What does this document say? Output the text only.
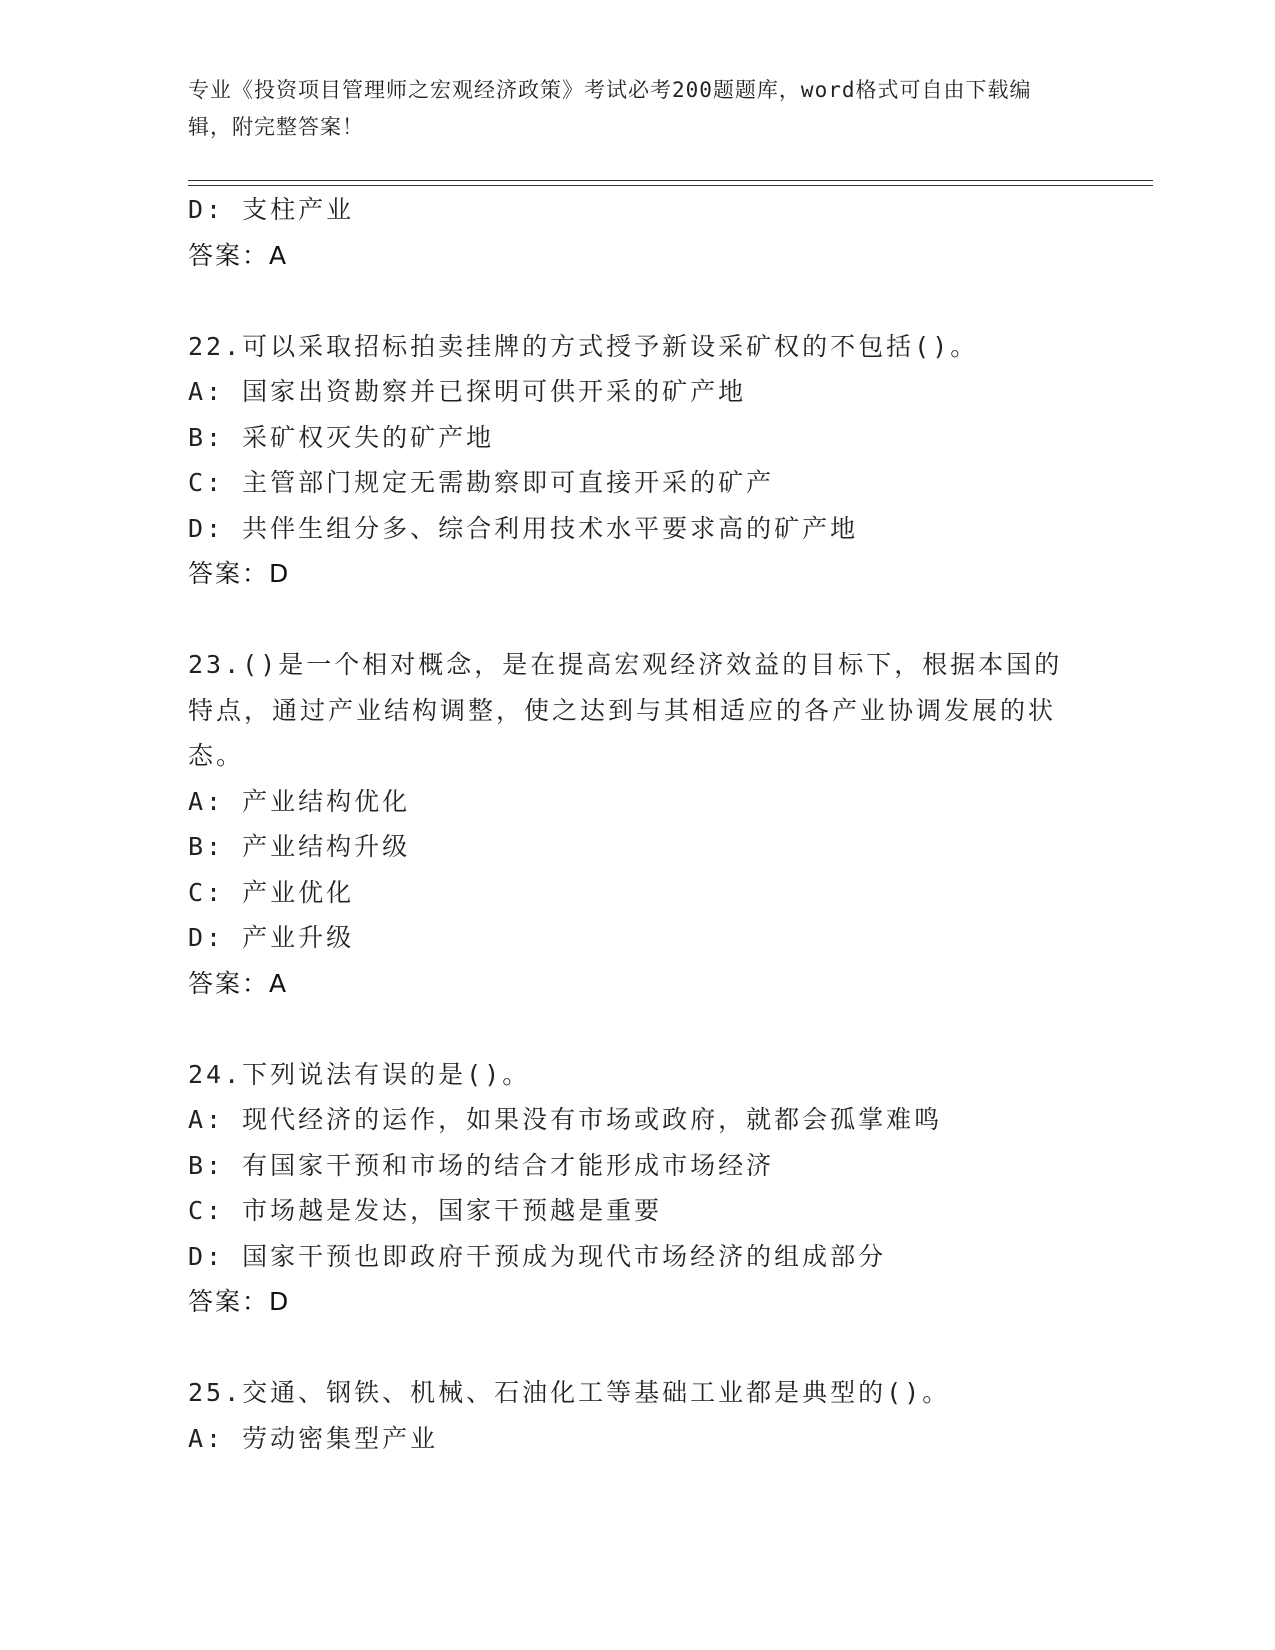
专业《投资项目管理师之宏观经济政策》考试必考200题题库，word格式可自由下载编辑，附完整答案！
D: 支柱产业
答案：A
22.可以采取招标拍卖挂牌的方式授予新设采矿权的不包括()。
A: 国家出资勘察并已探明可供开采的矿产地
B: 采矿权灭失的矿产地
C: 主管部门规定无需勘察即可直接开采的矿产
D: 共伴生组分多、综合利用技术水平要求高的矿产地
答案：D
23.()是一个相对概念，是在提高宏观经济效益的目标下，根据本国的特点，通过产业结构调整，使之达到与其相适应的各产业协调发展的状态。
A: 产业结构优化
B: 产业结构升级
C: 产业优化
D: 产业升级
答案：A
24.下列说法有误的是()。
A: 现代经济的运作，如果没有市场或政府，就都会孤掌难鸣
B: 有国家干预和市场的结合才能形成市场经济
C: 市场越是发达，国家干预越是重要
D: 国家干预也即政府干预成为现代市场经济的组成部分
答案：D
25.交通、钢铁、机械、石油化工等基础工业都是典型的()。
A: 劳动密集型产业
